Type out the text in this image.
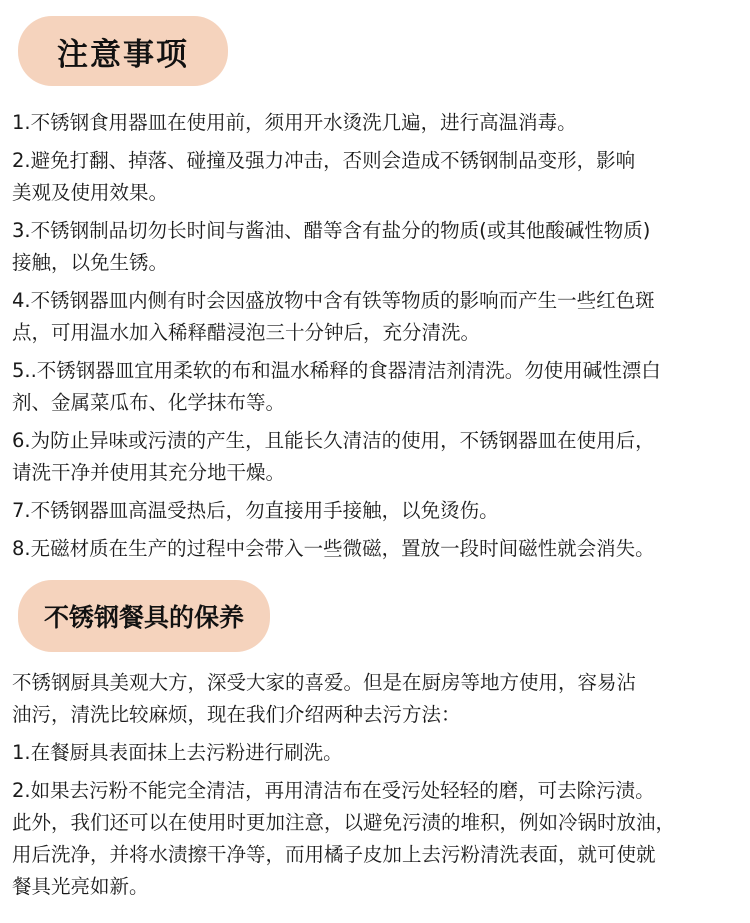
注意事项
1.不锈钢食用器皿在使用前，须用开水烫洗几遍，进行高温消毒。
2.避免打翻、掉落、碰撞及强力冲击，否则会造成不锈钢制品变形，影响
美观及使用效果。
3.不锈钢制品切勿长时间与酱油、醋等含有盐分的物质(或其他酸碱性物质)
接触，以免生锈。
4.不锈钢器皿内侧有时会因盛放物中含有铁等物质的影响而产生一些红色斑
点，可用温水加入稀释醋浸泡三十分钟后，充分清洗。
5..不锈钢器皿宜用柔软的布和温水稀释的食器清洁剂清洗。勿使用碱性漂白
剂、金属菜瓜布、化学抹布等。
6.为防止异味或污渍的产生，且能长久清洁的使用，不锈钢器皿在使用后，
请洗干净并使用其充分地干燥。
7.不锈钢器皿高温受热后，勿直接用手接触，以免烫伤。
8.无磁材质在生产的过程中会带入一些微磁，置放一段时间磁性就会消失。
不锈钢餐具的保养
不锈钢厨具美观大方，深受大家的喜爱。但是在厨房等地方使用，容易沾
油污，清洗比较麻烦，现在我们介绍两种去污方法：
1.在餐厨具表面抹上去污粉进行刷洗。
2.如果去污粉不能完全清洁，再用清洁布在受污处轻轻的磨，可去除污渍。
此外，我们还可以在使用时更加注意，以避免污渍的堆积，例如冷锅时放油，
用后洗净，并将水渍擦干净等，而用橘子皮加上去污粉清洗表面，就可使就
餐具光亮如新。
